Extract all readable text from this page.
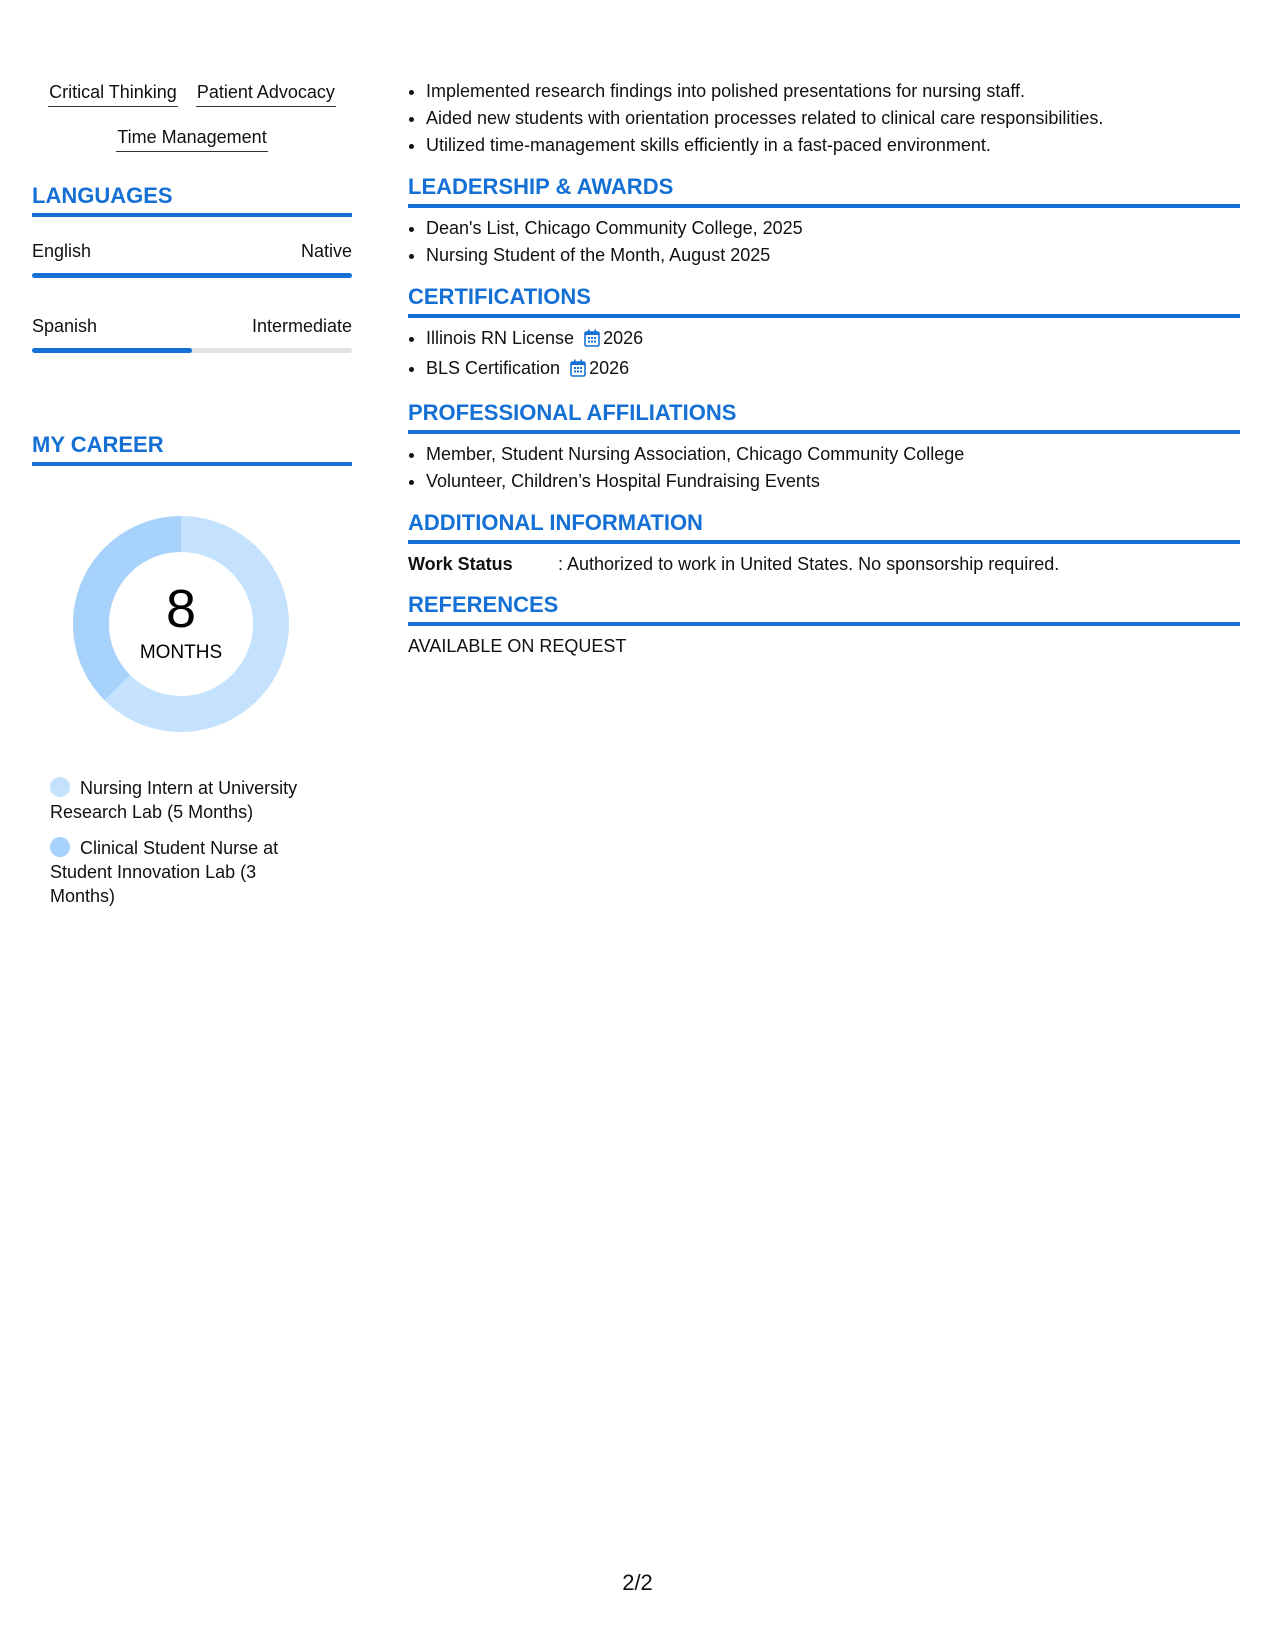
Critical Thinking Patient Advocacy
Time Management
LANGUAGES
English	Native
Spanish	Intermediate
MY CAREER
8
MONTHS
Nursing Intern at University Research Lab (5 Months)
Clinical Student Nurse at Student Innovation Lab (3 Months)
• Implemented research findings into polished presentations for nursing staff.
• Aided new students with orientation processes related to clinical care responsibilities.
• Utilized time-management skills efficiently in a fast-paced environment.
LEADERSHIP & AWARDS
• Dean's List, Chicago Community College, 2025
• Nursing Student of the Month, August 2025
CERTIFICATIONS
• Illinois RN License 2026
• BLS Certification 2026
PROFESSIONAL AFFILIATIONS
• Member, Student Nursing Association, Chicago Community College
• Volunteer, Children’s Hospital Fundraising Events
ADDITIONAL INFORMATION
Work Status	: Authorized to work in United States. No sponsorship required.
REFERENCES
AVAILABLE ON REQUEST
2/2
